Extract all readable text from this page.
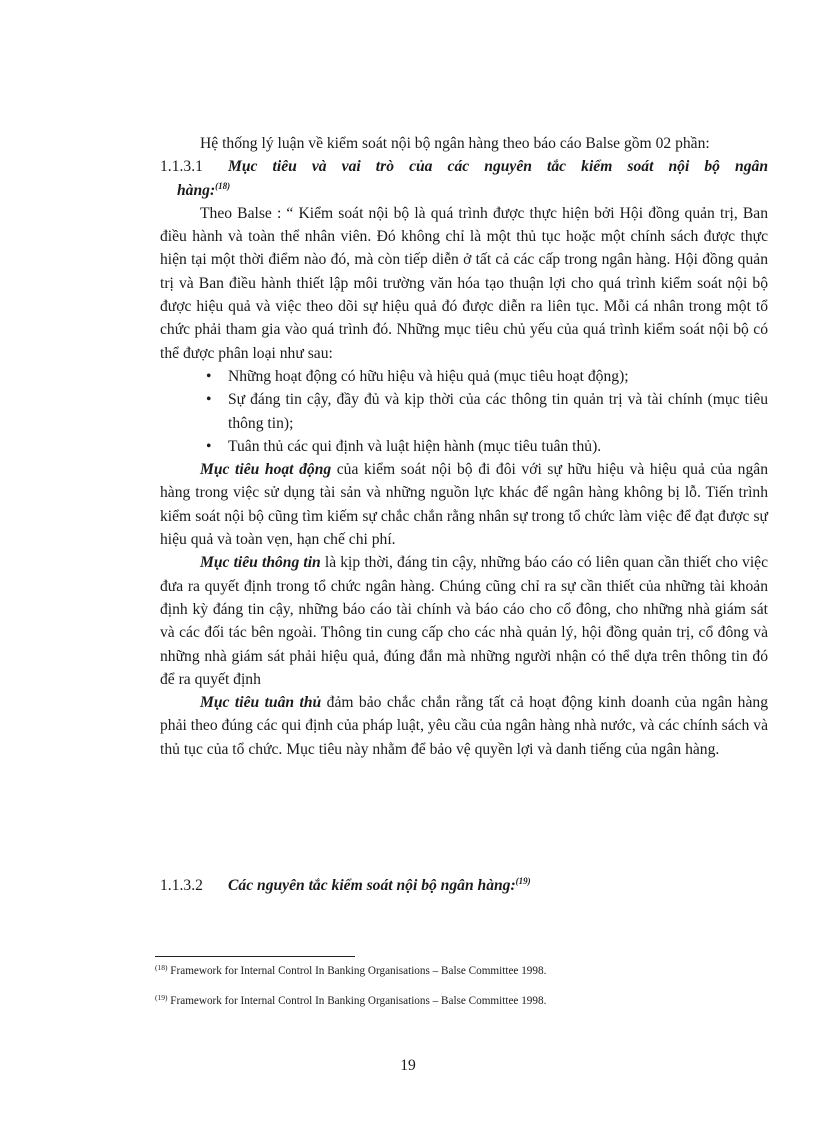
Hệ thống lý luận về kiểm soát nội bộ ngân hàng theo báo cáo Balse gồm 02 phần:

1.1.3.1	Mục tiêu và vai trò của các nguyên tắc kiểm soát nội bộ ngân
hàng:$^{(18)}$

Theo Balse : “ Kiểm soát nội bộ là quá trình được thực hiện bởi Hội đồng quản trị, Ban điều hành và toàn thể nhân viên. Đó không chỉ là một thủ tục hoặc một chính sách được thực hiện tại một thời điểm nào đó, mà còn tiếp diễn ở tất cả các cấp trong ngân hàng. Hội đồng quản trị và Ban điều hành thiết lập môi trường văn hóa tạo thuận lợi cho quá trình kiểm soát nội bộ được hiệu quả và việc theo dõi sự hiệu quả đó được diễn ra liên tục. Mỗi cá nhân trong một tổ chức phải tham gia vào quá trình đó. Những mục tiêu chủ yếu của quá trình kiểm soát nội bộ có thể được phân loại như sau:

• Những hoạt động có hữu hiệu và hiệu quả (mục tiêu hoạt động);
• Sự đáng tin cậy, đầy đủ và kịp thời của các thông tin quản trị và tài chính (mục tiêu thông tin);
• Tuân thủ các qui định và luật hiện hành (mục tiêu tuân thủ).

Mục tiêu hoạt động của kiểm soát nội bộ đi đôi với sự hữu hiệu và hiệu quả của ngân hàng trong việc sử dụng tài sản và những nguồn lực khác để ngân hàng không bị lỗ. Tiến trình kiểm soát nội bộ cũng tìm kiếm sự chắc chắn rằng nhân sự trong tổ chức làm việc để đạt được sự hiệu quả và toàn vẹn, hạn chế chi phí.

Mục tiêu thông tin là kịp thời, đáng tin cậy, những báo cáo có liên quan cần thiết cho việc đưa ra quyết định trong tổ chức ngân hàng. Chúng cũng chỉ ra sự cần thiết của những tài khoản định kỳ đáng tin cậy, những báo cáo tài chính và báo cáo cho cổ đông, cho những nhà giám sát và các đối tác bên ngoài. Thông tin cung cấp cho các nhà quản lý, hội đồng quản trị, cổ đông và những nhà giám sát phải hiệu quả, đúng đắn mà những người nhận có thể dựa trên thông tin đó để ra quyết định

Mục tiêu tuân thủ đảm bảo chắc chắn rằng tất cả hoạt động kinh doanh của ngân hàng phải theo đúng các qui định của pháp luật, yêu cầu của ngân hàng nhà nước, và các chính sách và thủ tục của tổ chức. Mục tiêu này nhằm để bảo vệ quyền lợi và danh tiếng của ngân hàng.

1.1.3.2	Các nguyên tắc kiểm soát nội bộ ngân hàng:$^{(19)}$
$^{(18)}$ Framework for Internal Control In Banking Organisations – Balse Committee 1998.
$^{(19)}$ Framework for Internal Control In Banking Organisations – Balse Committee 1998.
19
